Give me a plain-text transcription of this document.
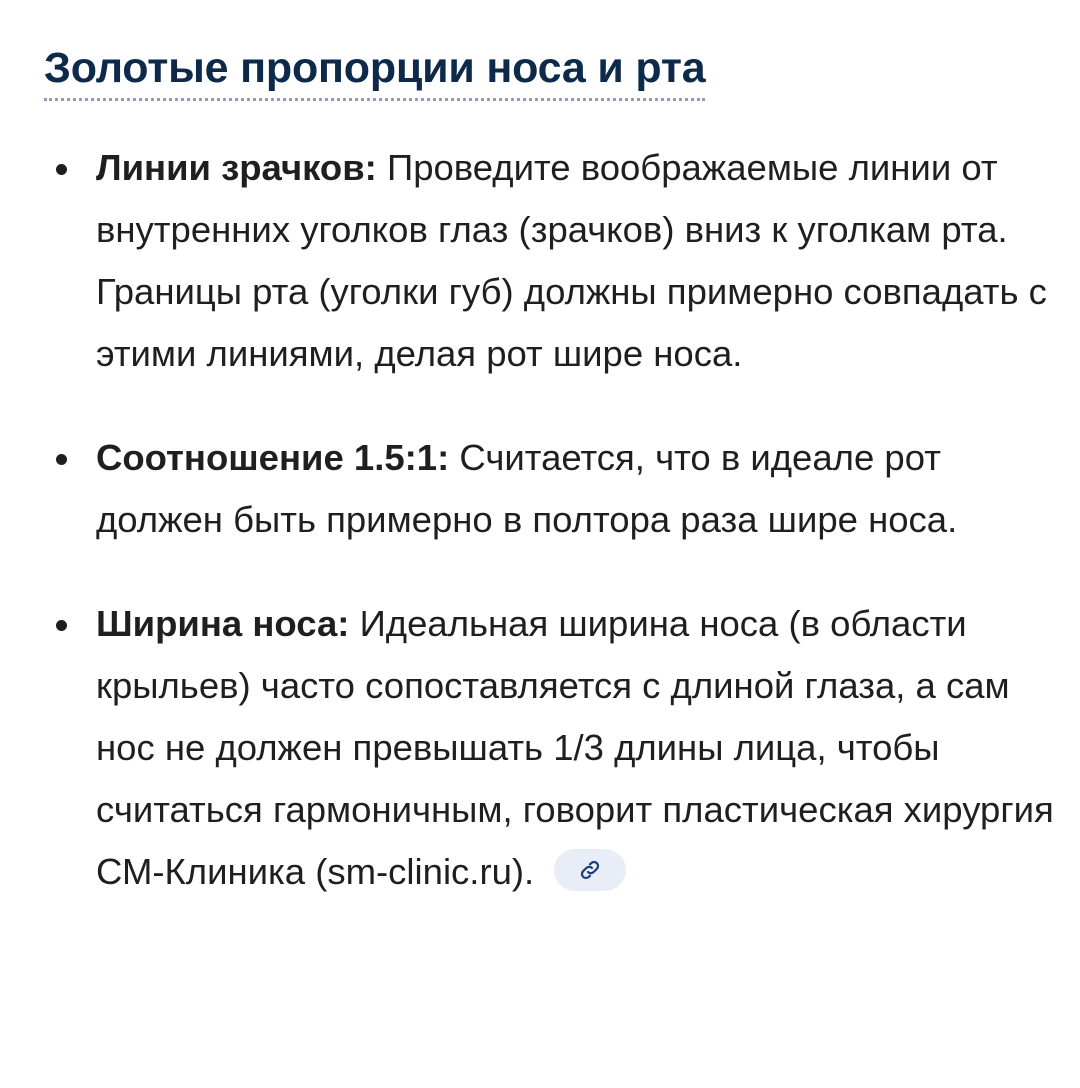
Золотые пропорции носа и рта
Линии зрачков: Проведите воображаемые линии от внутренних уголков глаз (зрачков) вниз к уголкам рта. Границы рта (уголки губ) должны примерно совпадать с этими линиями, делая рот шире носа.
Соотношение 1.5:1: Считается, что в идеале рот должен быть примерно в полтора раза шире носа.
Ширина носа: Идеальная ширина носа (в области крыльев) часто сопоставляется с длиной глаза, а сам нос не должен превышать 1/3 длины лица, чтобы считаться гармоничным, говорит пластическая хирургия СМ-Клиника (sm-clinic.ru).
